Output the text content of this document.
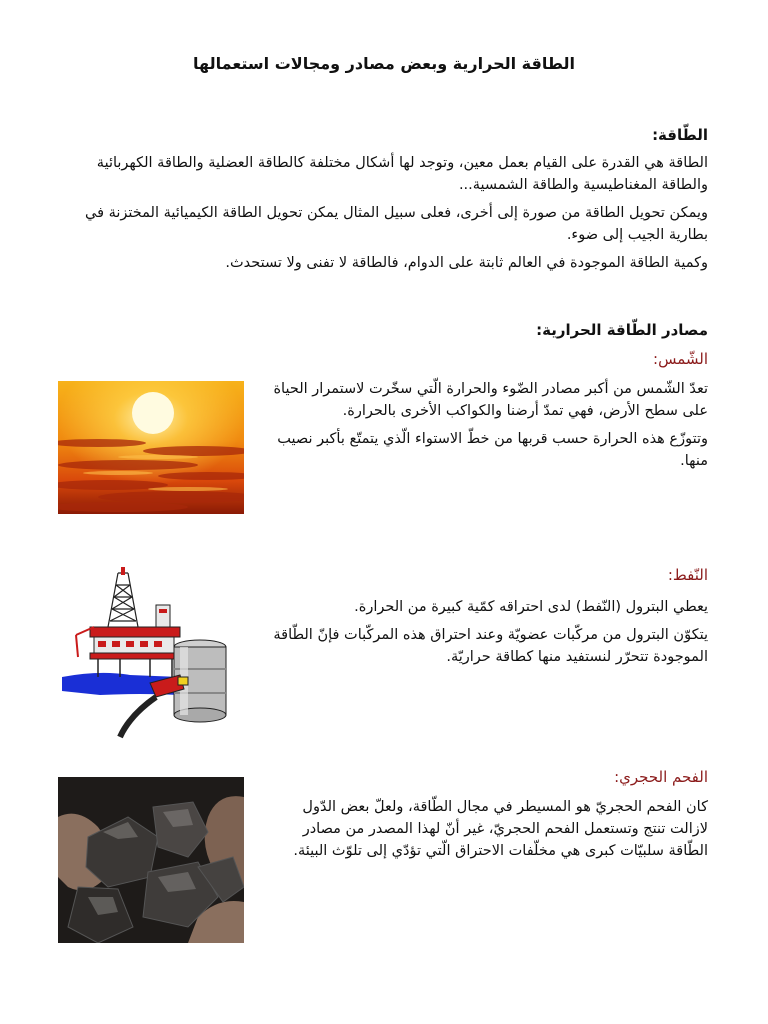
الطاقة الحرارية وبعض مصادر ومجالات استعمالها

الطّاقة:

الطاقة هي القدرة على القيام بعمل معين، وتوجد لها أشكال مختلفة كالطاقة العضلية والطاقة الكهربائية والطاقة المغناطيسية والطاقة الشمسية...

ويمكن تحويل الطاقة من صورة إلى أخرى، فعلى سبيل المثال يمكن تحويل الطاقة الكيميائية المختزنة في بطارية الجيب إلى ضوء.

وكمية الطاقة الموجودة في العالم ثابتة على الدوام، فالطاقة لا تفنى ولا تستحدث.

مصادر الطّاقة الحرارية:
الشّمس:

تعدّ الشّمس من أكبر مصادر الضّوء والحرارة الّتي سخّرت لاستمرار الحياة على سطح الأرض، فهي تمدّ أرضنا والكواكب الأخرى بالحرارة.

وتتوزّع هذه الحرارة حسب قربها من خطّ الاستواء الّذي يتمتّع بأكبر نصيب منها.

النّفط:

يعطي البترول (النّفط) لدى احتراقه كمّية كبيرة من الحرارة.

يتكوّن البترول من مركّبات عضويّة وعند احتراق هذه المركّبات فإنّ الطّاقة الموجودة تتحرّر لنستفيد منها كطاقة حراريّة.

الفحم الحجري:

كان الفحم الحجريّ هو المسيطر في مجال الطّاقة، ولعلّ بعض الدّول لازالت تنتج وتستعمل الفحم الحجريّ، غير أنّ لهذا المصدر من مصادر الطّاقة سلبيّات كبرى هي مخلّفات الاحتراق الّتي تؤدّي إلى تلوّث البيئة.
